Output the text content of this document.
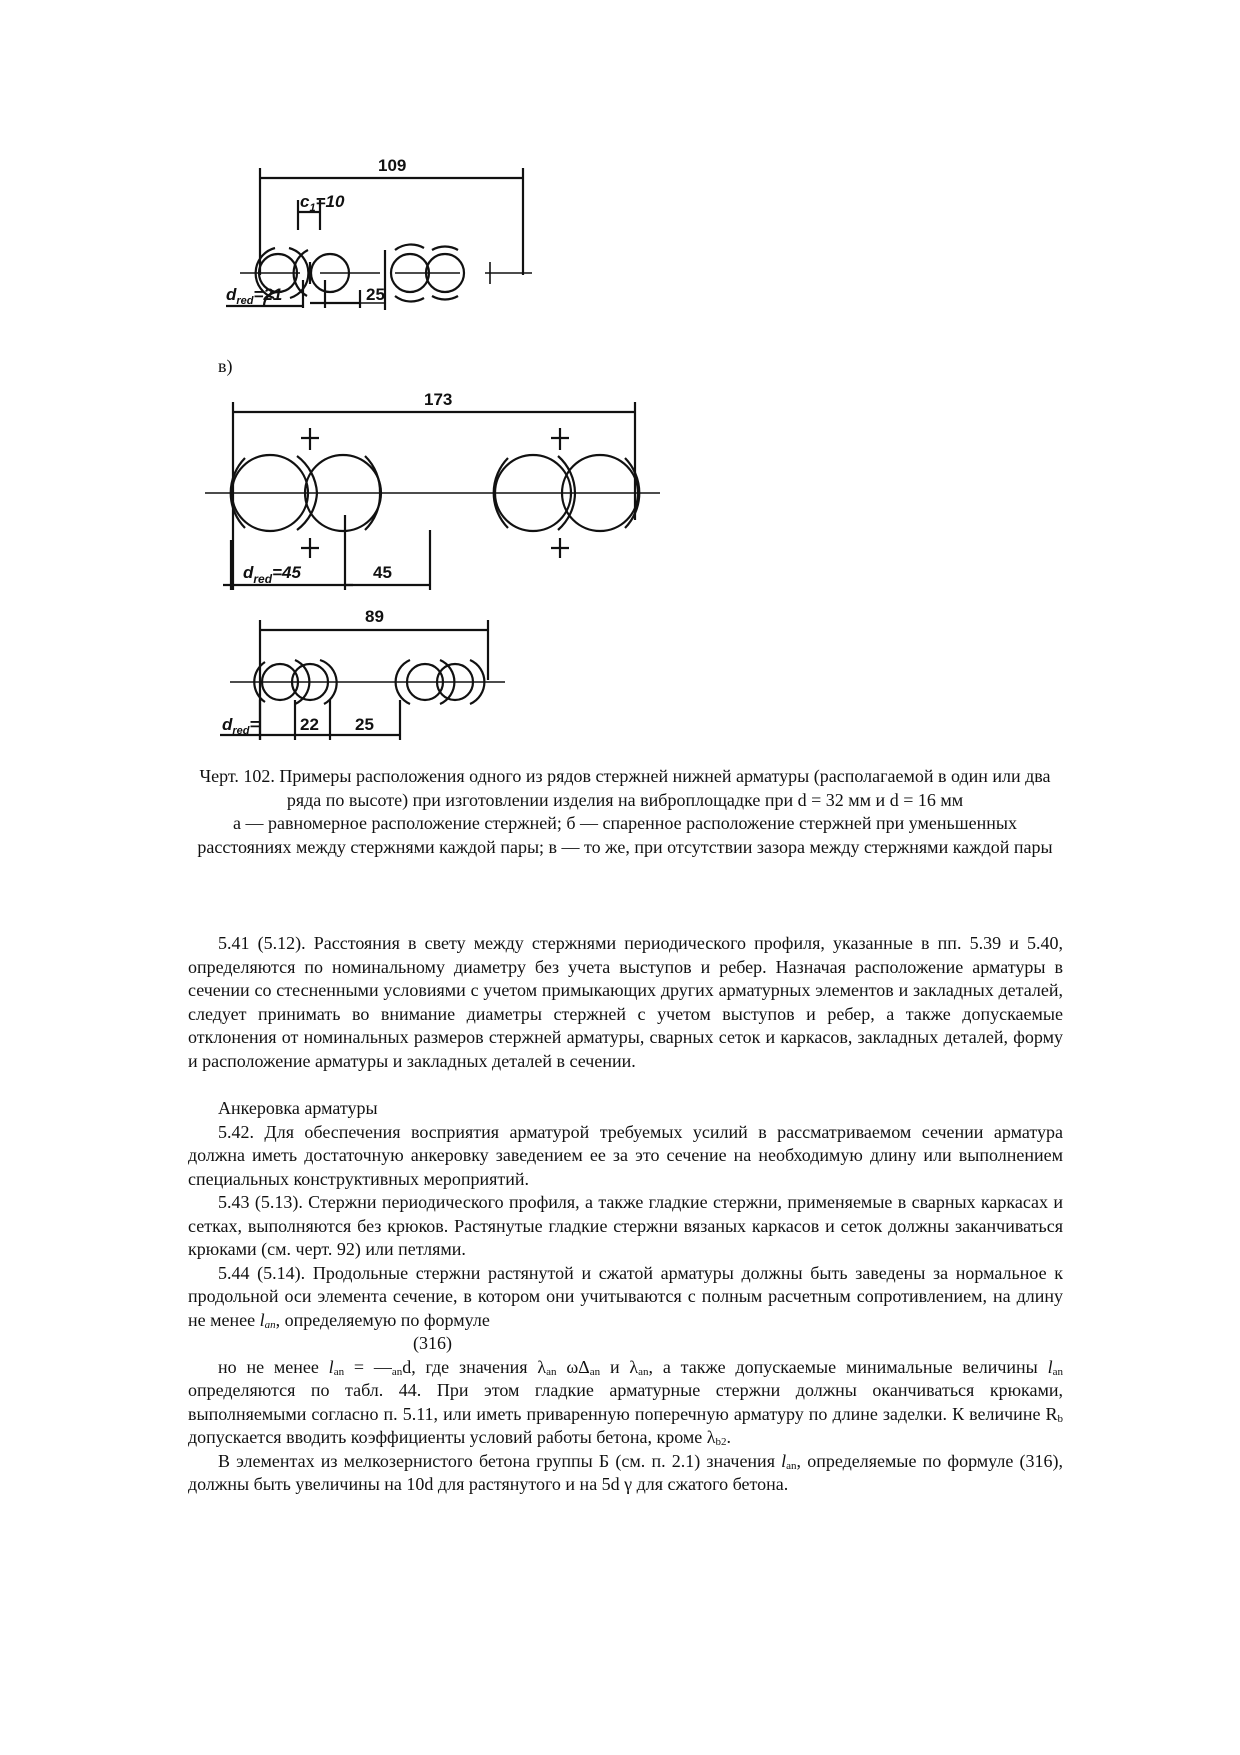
109
$c_1=10$
25
$d_{red}=21$
в)
173
$d_{red}=45$	45
89
$d_{red}= 22$ 25

Черт. 102. Примеры расположения одного из рядов стержней нижней арматуры (располагаемой в один или два ряда по высоте) при изготовлении изделия на виброплощадке при d = 32 мм и d = 16 мм

а — равномерное расположение стержней; б — спаренное расположение стержней при уменьшенных расстояниях между стержнями каждой пары; в — то же, при отсутствии зазора между стержнями каждой пары

5.41 (5.12). Расстояния в свету между стержнями периодического профиля, указанные в пп. 5.39 и 5.40, определяются по номинальному диаметру без учета выступов и ребер. Назначая расположение арматуры в сечении со стесненными условиями с учетом примыкающих других арматурных элементов и закладных деталей, следует принимать во внимание диаметры стержней с учетом выступов и ребер, а также допускаемые отклонения от номинальных размеров стержней арматуры, сварных сеток и каркасов, закладных деталей, форму и расположение арматуры и закладных деталей в сечении.

Анкеровка арматуры

5.42. Для обеспечения восприятия арматурой требуемых усилий в рассматриваемом сечении арматура должна иметь достаточную анкеровку заведением ее за это сечение на необходимую длину или выполнением специальных конструктивных мероприятий.

5.43 (5.13). Стержни периодического профиля, а также гладкие стержни, применяемые в сварных каркасах и сетках, выполняются без крюков. Растянутые гладкие стержни вязаных каркасов и сеток должны заканчиваться крюками (см. черт. 92) или петлями.

5.44 (5.14). Продольные стержни растянутой и сжатой арматуры должны быть заведены за нормальное к продольной оси элемента сечение, в котором они учитываются с полным расчетным сопротивлением, на длину не менее $l_{an}$, определяемую по формуле

(316)

но не менее $l_{an}$ = $—_{an}d$, где значения $\lambda_{an}$ $\omega\Delta_{an}$ и $\lambda_{an}$, а также допускаемые минимальные величины $l_{an}$ определяются по табл. 44. При этом гладкие арматурные стержни должны оканчиваться крюками, выполняемыми согласно п. 5.11, или иметь приваренную поперечную арматуру по длине заделки. К величине $R_b$ допускается вводить коэффициенты условий работы бетона, кроме $\lambda_{b2}$.

В элементах из мелкозернистого бетона группы Б (см. п. 2.1) значения $l_{an}$, определяемые по формуле (316), должны быть увеличины на 10d для растянутого и на 5d γ для сжатого бетона.
